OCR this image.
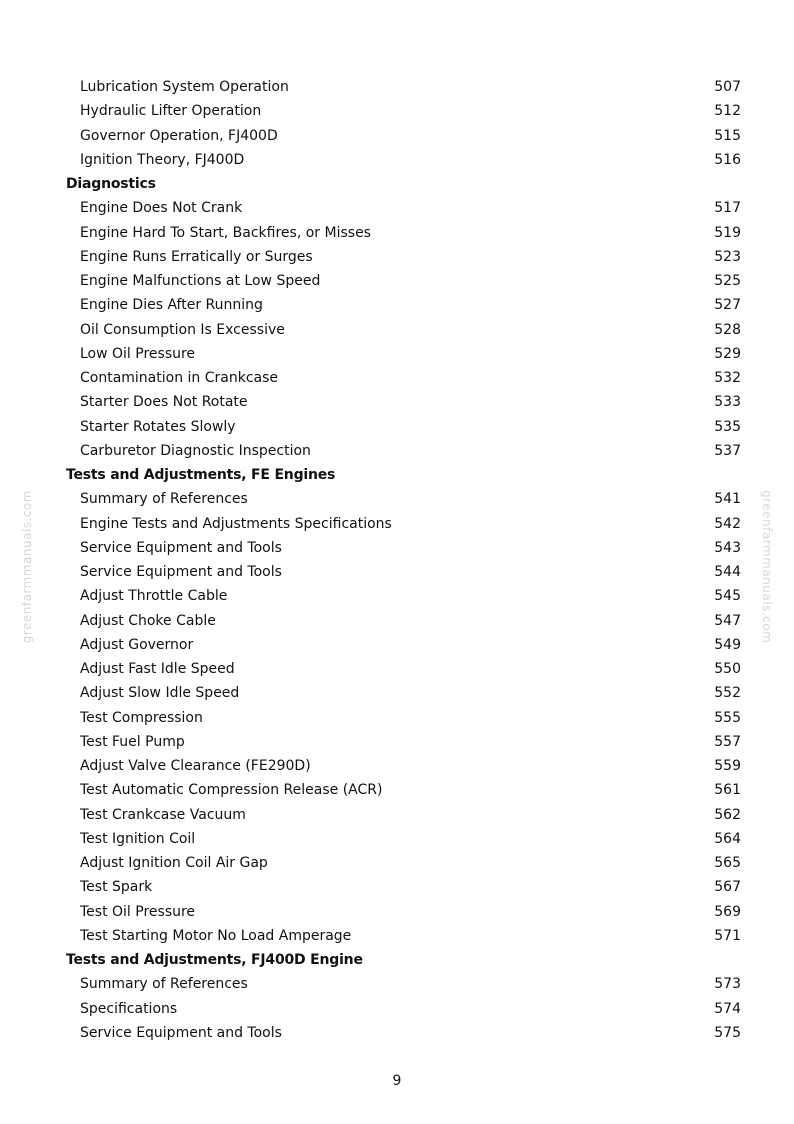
Lubrication System Operation	507
Hydraulic Lifter Operation	512
Governor Operation, FJ400D	515
Ignition Theory, FJ400D	516
Diagnostics
Engine Does Not Crank	517
Engine Hard To Start, Backfires, or Misses	519
Engine Runs Erratically or Surges	523
Engine Malfunctions at Low Speed	525
Engine Dies After Running	527
Oil Consumption Is Excessive	528
Low Oil Pressure	529
Contamination in Crankcase	532
Starter Does Not Rotate	533
Starter Rotates Slowly	535
Carburetor Diagnostic Inspection	537
Tests and Adjustments, FE Engines
Summary of References	541
Engine Tests and Adjustments Specifications	542
Service Equipment and Tools	543
Service Equipment and Tools	544
Adjust Throttle Cable	545
Adjust Choke Cable	547
Adjust Governor	549
Adjust Fast Idle Speed	550
Adjust Slow Idle Speed	552
Test Compression	555
Test Fuel Pump	557
Adjust Valve Clearance (FE290D)	559
Test Automatic Compression Release (ACR)	561
Test Crankcase Vacuum	562
Test Ignition Coil	564
Adjust Ignition Coil Air Gap	565
Test Spark	567
Test Oil Pressure	569
Test Starting Motor No Load Amperage	571
Tests and Adjustments, FJ400D Engine
Summary of References	573
Specifications	574
Service Equipment and Tools	575
greenfarmmanuals.com	greenfarmmanuals.com
9
